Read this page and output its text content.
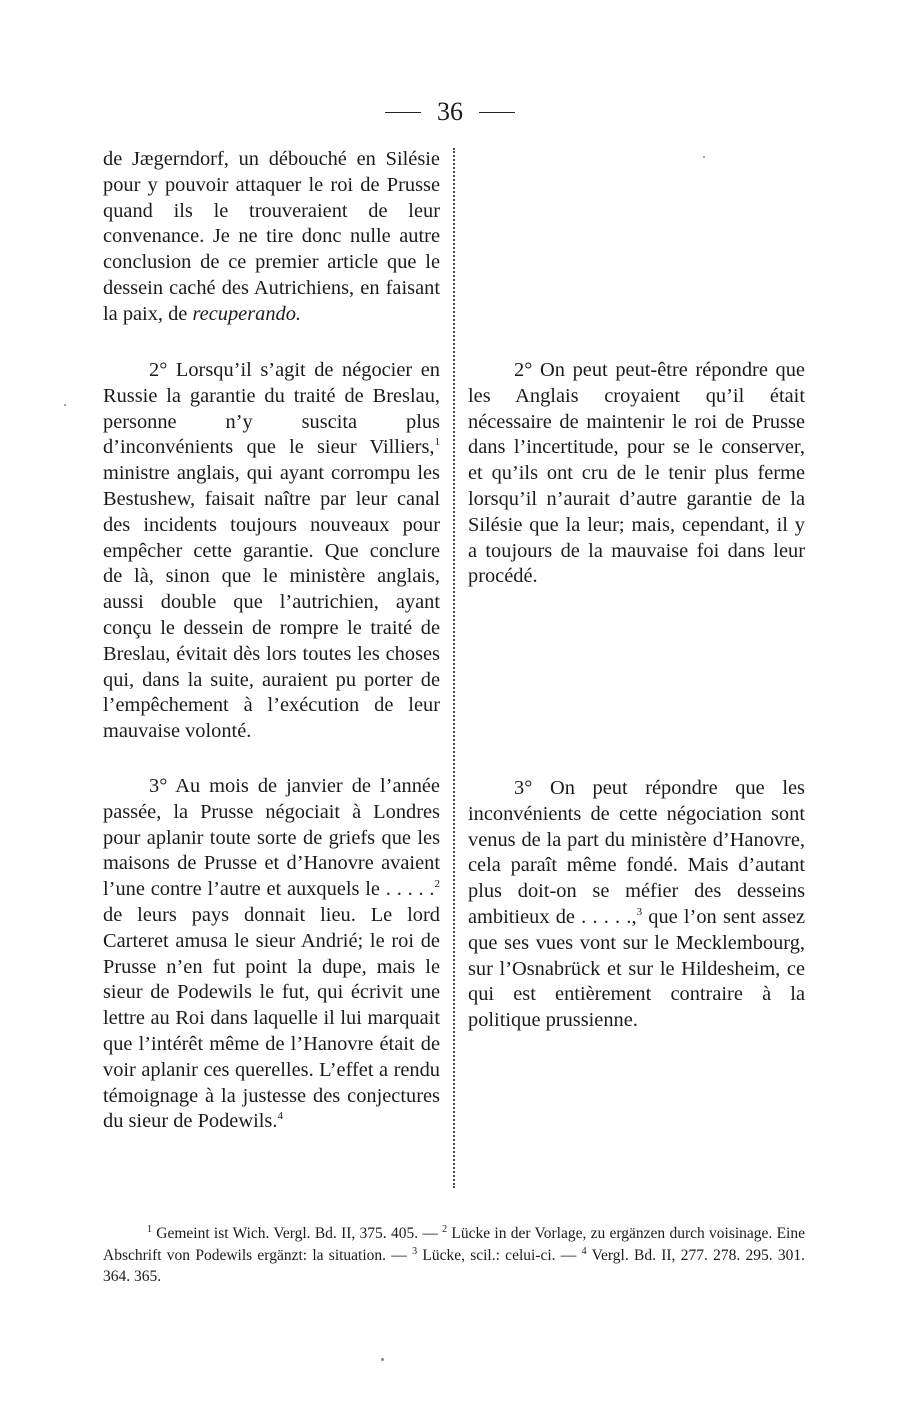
36

de Jægerndorf, un débouché en Silésie pour y pouvoir attaquer le roi de Prusse quand ils le trouveraient de leur convenance. Je ne tire donc nulle autre conclusion de ce premier article que le dessein caché des Autrichiens, en faisant la paix, de recuperando.

2° Lorsqu’il s’agit de négocier en Russie la garantie du traité de Breslau, personne n’y suscita plus d’inconvénients que le sieur Villiers,$^1$ ministre anglais, qui ayant corrompu les Bestushew, faisait naître par leur canal des incidents toujours nouveaux pour empêcher cette garantie. Que conclure de là, sinon que le ministère anglais, aussi double que l’autrichien, ayant conçu le dessein de rompre le traité de Breslau, évitait dès lors toutes les choses qui, dans la suite, auraient pu porter de l’empêchement à l’exécution de leur mauvaise volonté.

3° Au mois de janvier de l’année passée, la Prusse négociait à Londres pour aplanir toute sorte de griefs que les maisons de Prusse et d’Hanovre avaient l’une contre l’autre et auxquels le . . . . .$^2$ de leurs pays donnait lieu. Le lord Carteret amusa le sieur Andrié; le roi de Prusse n’en fut point la dupe, mais le sieur de Podewils le fut, qui écrivit une lettre au Roi dans laquelle il lui marquait que l’intérêt même de l’Hanovre était de voir aplanir ces querelles. L’effet a rendu témoignage à la justesse des conjectures du sieur de Podewils.$^4$

2° On peut peut-être répondre que les Anglais croyaient qu’il était nécessaire de maintenir le roi de Prusse dans l’incertitude, pour se le conserver, et qu’ils ont cru de le tenir plus ferme lorsqu’il n’aurait d’autre garantie de la Silésie que la leur; mais, cependant, il y a toujours de la mauvaise foi dans leur procédé.

3° On peut répondre que les inconvénients de cette négociation sont venus de la part du ministère d’Hanovre, cela paraît même fondé. Mais d’autant plus doit-on se méfier des desseins ambitieux de . . . . .,$^3$ que l’on sent assez que ses vues vont sur le Mecklembourg, sur l’Osnabrück et sur le Hildesheim, ce qui est entièrement contraire à la politique prussienne.

$^1$ Gemeint ist Wich. Vergl. Bd. II, 375. 405. — $^2$ Lücke in der Vorlage, zu ergänzen durch voisinage. Eine Abschrift von Podewils ergänzt: la situation. — $^3$ Lücke, scil.: celui-ci. — $^4$ Vergl. Bd. II, 277. 278. 295. 301. 364. 365.
